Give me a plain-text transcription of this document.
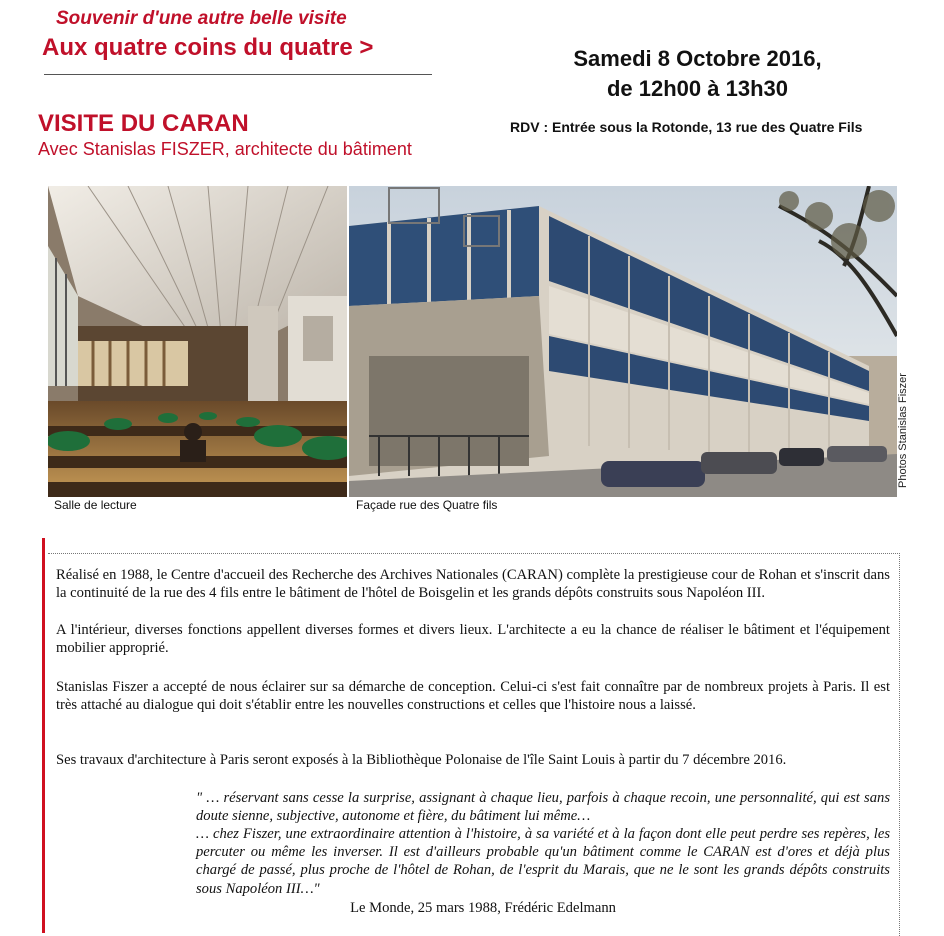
Souvenir d'une autre belle visite
Aux quatre coins du quatre >	Samedi 8 Octobre 2016,
de 12h00 à 13h30
VISITE DU CARAN
Avec Stanislas FISZER, architecte du bâtiment
RDV : Entrée sous la Rotonde, 13 rue des Quatre Fils
Photos Stanislas Fiszer
Salle de lecture	Façade rue des Quatre fils

Réalisé en 1988, le Centre d'accueil des Recherche des Archives Nationales (CARAN) complète la prestigieuse cour de Rohan et s'inscrit dans la continuité de la rue des 4 fils entre le bâtiment de l'hôtel de Boisgelin et les grands dépôts construits sous Napoléon III.

A l'intérieur, diverses fonctions appellent diverses formes et divers lieux. L'architecte a eu la chance de réaliser le bâtiment et l'équipement mobilier approprié.

Stanislas Fiszer a accepté de nous éclairer sur sa démarche de conception. Celui-ci s'est fait connaître par de nombreux projets à Paris. Il est très attaché au dialogue qui doit s'établir entre les nouvelles constructions et celles que l'histoire nous a laissé.

Ses travaux d'architecture à Paris seront exposés à la Bibliothèque Polonaise de l'île Saint Louis à partir du 7 décembre 2016.

" … réservant sans cesse la surprise, assignant à chaque lieu, parfois à chaque recoin, une personnalité, qui est sans doute sienne, subjective, autonome et fière, du bâtiment lui même…

… chez Fiszer, une extraordinaire attention à l'histoire, à sa variété et à la façon dont elle peut perdre ses repères, les percuter ou même les inverser. Il est d'ailleurs probable qu'un bâtiment comme le CARAN est d'ores et déjà plus chargé de passé, plus proche de l'hôtel de Rohan, de l'esprit du Marais, que ne le sont les grands dépôts construits sous Napoléon III…"

Le Monde, 25 mars 1988, Frédéric Edelmann
